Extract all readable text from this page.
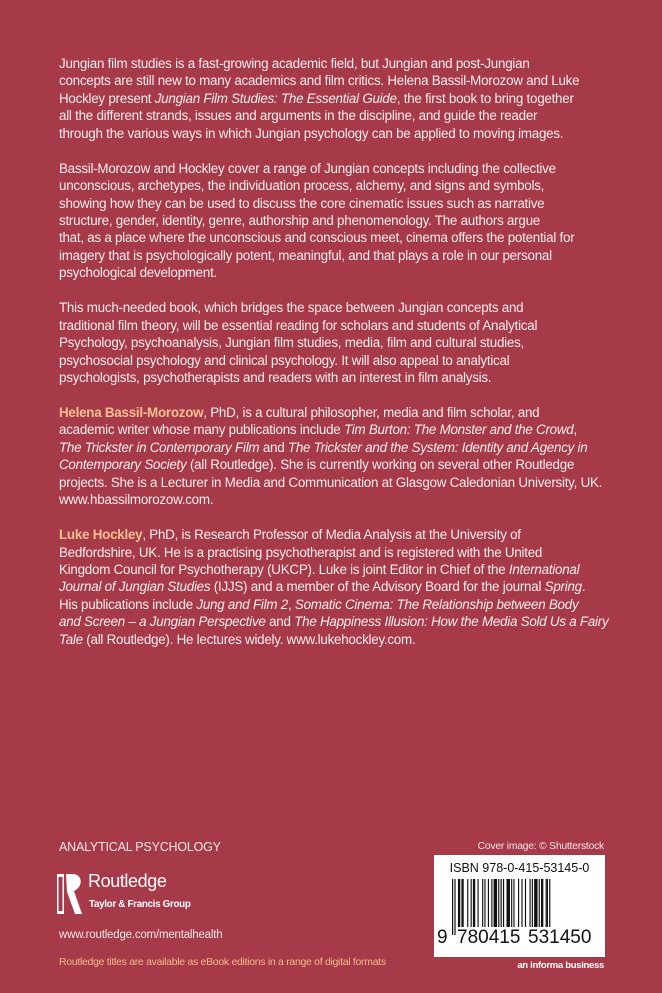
Jungian film studies is a fast-growing academic field, but Jungian and post-Jungian
concepts are still new to many academics and film critics. Helena Bassil-Morozow and Luke
Hockley present Jungian Film Studies: The Essential Guide, the first book to bring together
all the different strands, issues and arguments in the discipline, and guide the reader
through the various ways in which Jungian psychology can be applied to moving images.
Bassil-Morozow and Hockley cover a range of Jungian concepts including the collective
unconscious, archetypes, the individuation process, alchemy, and signs and symbols,
showing how they can be used to discuss the core cinematic issues such as narrative
structure, gender, identity, genre, authorship and phenomenology. The authors argue
that, as a place where the unconscious and conscious meet, cinema offers the potential for
imagery that is psychologically potent, meaningful, and that plays a role in our personal
psychological development.
This much-needed book, which bridges the space between Jungian concepts and
traditional film theory, will be essential reading for scholars and students of Analytical
Psychology, psychoanalysis, Jungian film studies, media, film and cultural studies,
psychosocial psychology and clinical psychology. It will also appeal to analytical
psychologists, psychotherapists and readers with an interest in film analysis.
Helena Bassil-Morozow, PhD, is a cultural philosopher, media and film scholar, and
academic writer whose many publications include Tim Burton: The Monster and the Crowd,
The Trickster in Contemporary Film and The Trickster and the System: Identity and Agency in
Contemporary Society (all Routledge). She is currently working on several other Routledge
projects. She is a Lecturer in Media and Communication at Glasgow Caledonian University, UK.
www.hbassilmorozow.com.
Luke Hockley, PhD, is Research Professor of Media Analysis at the University of
Bedfordshire, UK. He is a practising psychotherapist and is registered with the United
Kingdom Council for Psychotherapy (UKCP). Luke is joint Editor in Chief of the International
Journal of Jungian Studies (IJJS) and a member of the Advisory Board for the journal Spring.
His publications include Jung and Film 2, Somatic Cinema: The Relationship between Body
and Screen – a Jungian Perspective and The Happiness Illusion: How the Media Sold Us a Fairy
Tale (all Routledge). He lectures widely. www.lukehockley.com.
ANALYTICAL PSYCHOLOGY
Routledge
Taylor & Francis Group
www.routledge.com/mentalhealth
Routledge titles are available as eBook editions in a range of digital formats
Cover image: © Shutterstock
ISBN 978-0-415-53145-0
9 780415 531450
an informa business
